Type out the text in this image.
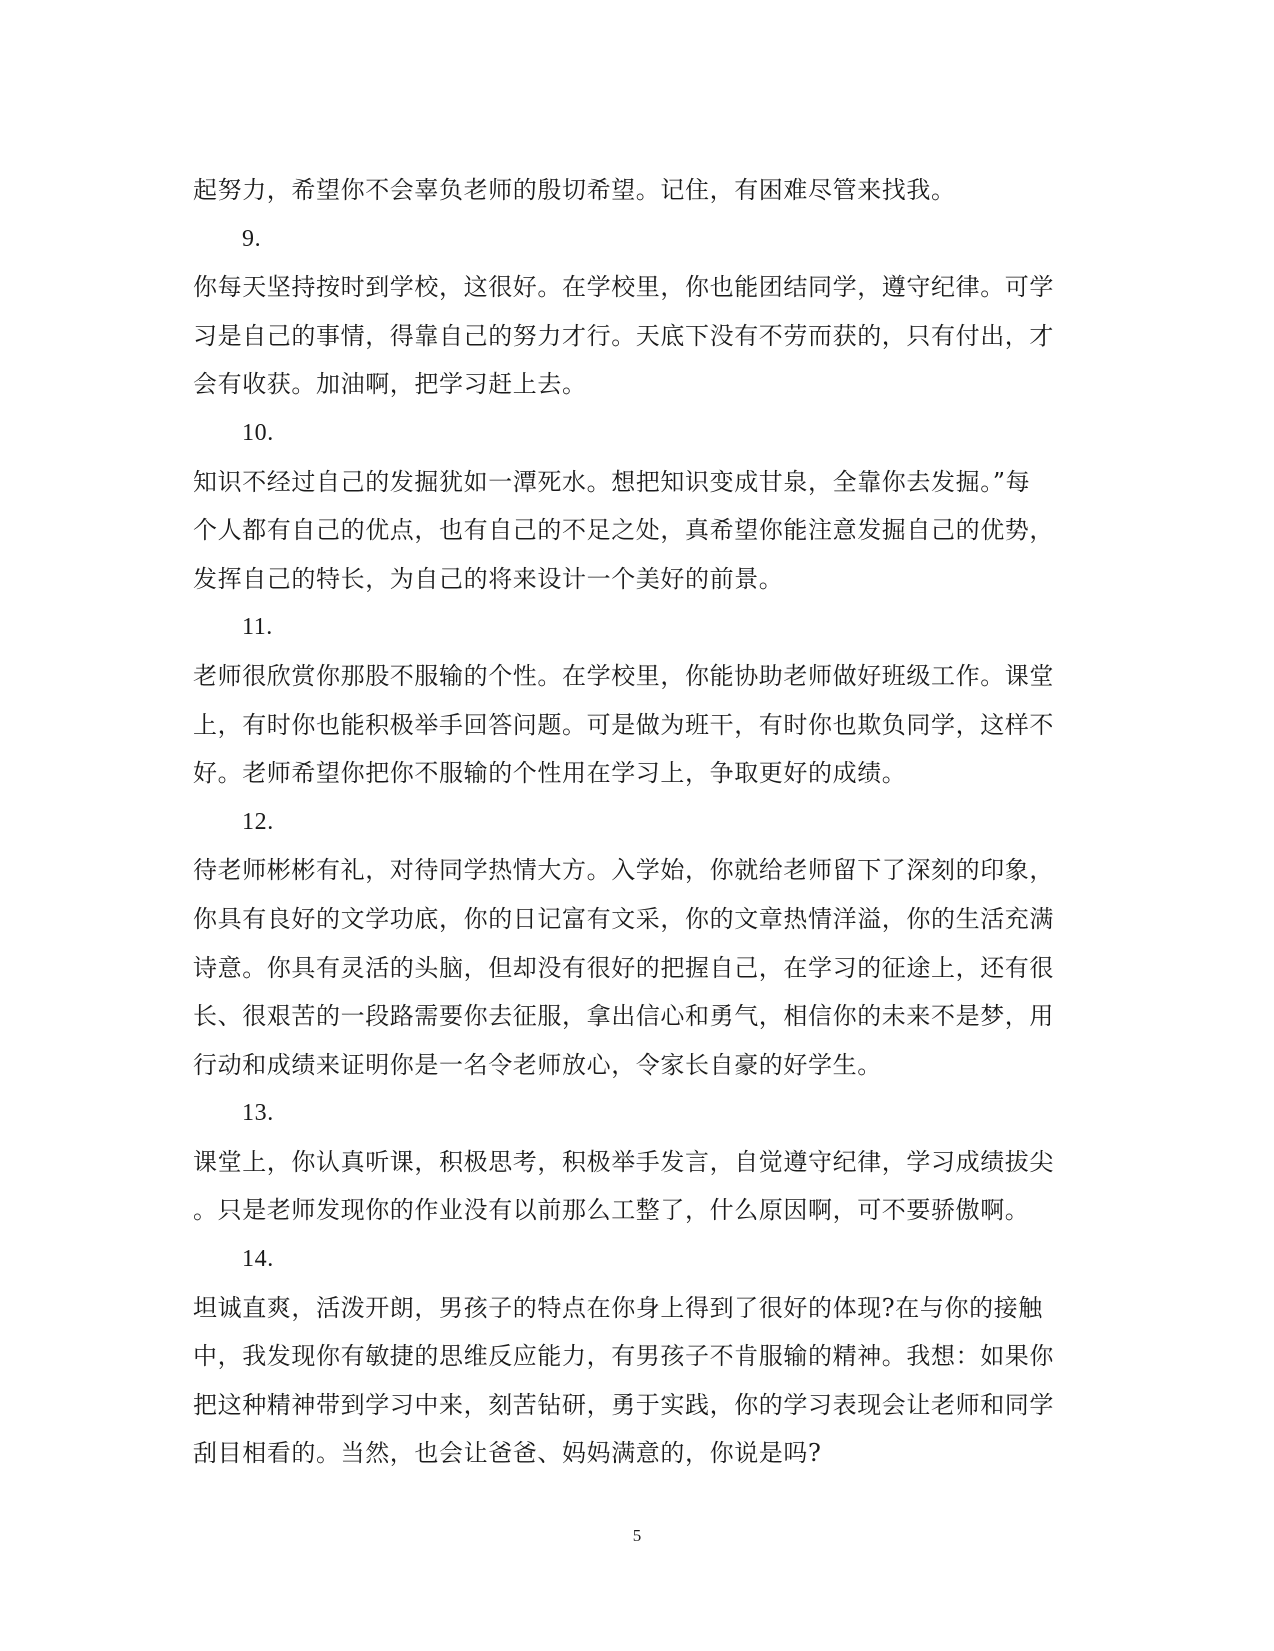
起努力，希望你不会辜负老师的殷切希望。记住，有困难尽管来找我。
9.
你每天坚持按时到学校，这很好。在学校里，你也能团结同学，遵守纪律。可学
习是自己的事情，得靠自己的努力才行。天底下没有不劳而获的，只有付出，才
会有收获。加油啊，把学习赶上去。
10.
知识不经过自己的发掘犹如一潭死水。想把知识变成甘泉，全靠你去发掘。”每
个人都有自己的优点，也有自己的不足之处，真希望你能注意发掘自己的优势，
发挥自己的特长，为自己的将来设计一个美好的前景。
11.
老师很欣赏你那股不服输的个性。在学校里，你能协助老师做好班级工作。课堂
上，有时你也能积极举手回答问题。可是做为班干，有时你也欺负同学，这样不
好。老师希望你把你不服输的个性用在学习上，争取更好的成绩。
12.
待老师彬彬有礼，对待同学热情大方。入学始，你就给老师留下了深刻的印象，
你具有良好的文学功底，你的日记富有文采，你的文章热情洋溢，你的生活充满
诗意。你具有灵活的头脑，但却没有很好的把握自己，在学习的征途上，还有很
长、很艰苦的一段路需要你去征服，拿出信心和勇气，相信你的未来不是梦，用
行动和成绩来证明你是一名令老师放心，令家长自豪的好学生。
13.
课堂上，你认真听课，积极思考，积极举手发言，自觉遵守纪律，学习成绩拔尖
。只是老师发现你的作业没有以前那么工整了，什么原因啊，可不要骄傲啊。
14.
坦诚直爽，活泼开朗，男孩子的特点在你身上得到了很好的体现?在与你的接触
中，我发现你有敏捷的思维反应能力，有男孩子不肯服输的精神。我想：如果你
把这种精神带到学习中来，刻苦钻研，勇于实践，你的学习表现会让老师和同学
刮目相看的。当然，也会让爸爸、妈妈满意的，你说是吗?
5
